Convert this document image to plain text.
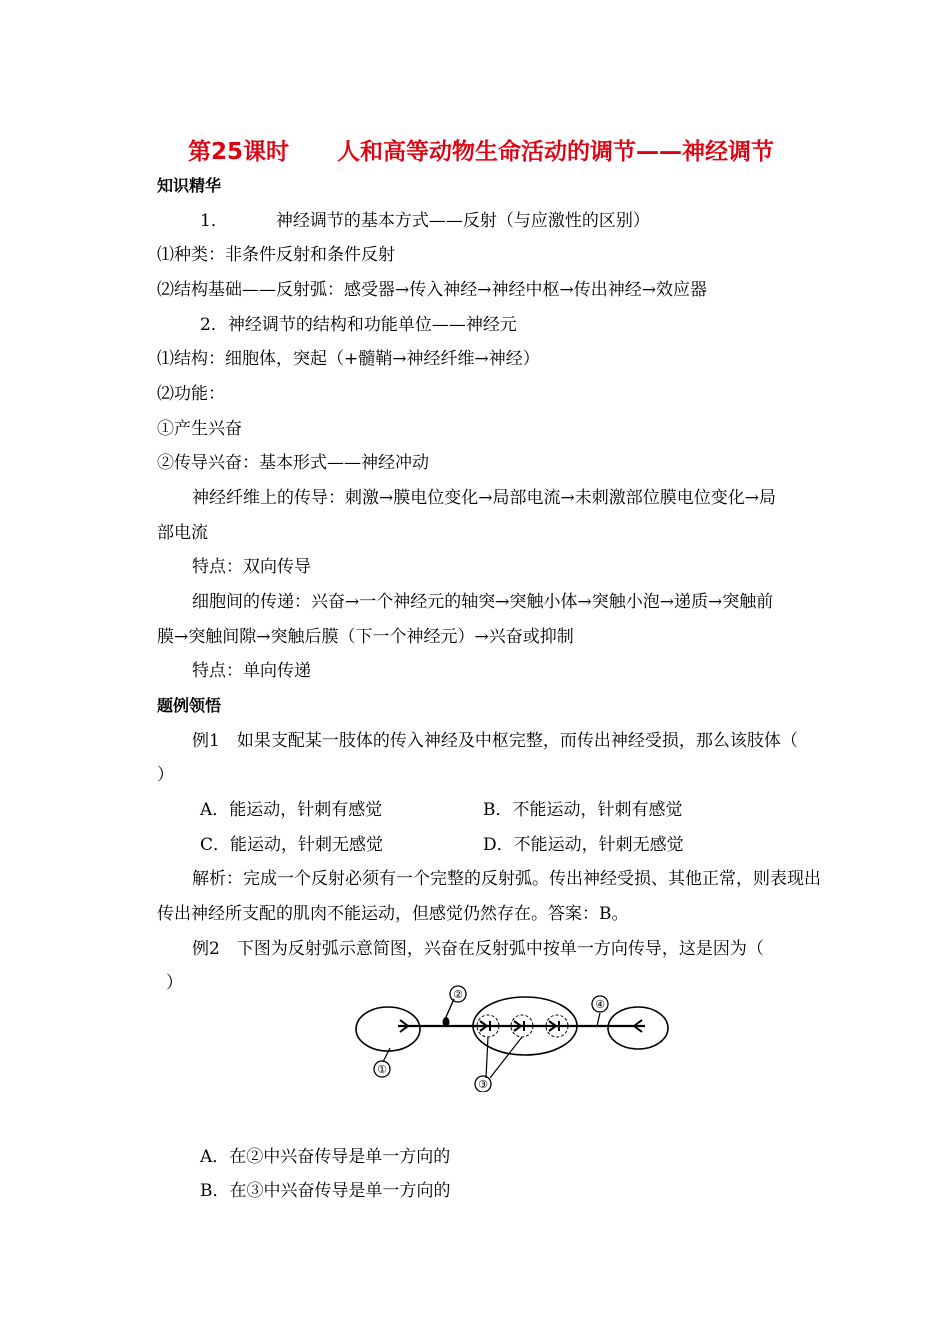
第25课时 人和高等动物生命活动的调节——神经调节
知识精华
1．	神经调节的基本方式——反射（与应激性的区别）
⑴种类：非条件反射和条件反射
⑵结构基础——反射弧：感受器→传入神经→神经中枢→传出神经→效应器
2．神经调节的结构和功能单位——神经元
⑴结构：细胞体，突起（+髓鞘→神经纤维→神经）
⑵功能：
①产生兴奋
②传导兴奋：基本形式——神经冲动
神经纤维上的传导：刺激→膜电位变化→局部电流→未刺激部位膜电位变化→局
部电流
特点：双向传导
细胞间的传递：兴奋→一个神经元的轴突→突触小体→突触小泡→递质→突触前
膜→突触间隙→突触后膜（下一个神经元）→兴奋或抑制
特点：单向传递
题例领悟
例1　如果支配某一肢体的传入神经及中枢完整，而传出神经受损，那么该肢体（
）
A．能运动，针刺有感觉	B．不能运动，针刺有感觉
C．能运动，针刺无感觉	D．不能运动，针刺无感觉
解析：完成一个反射必须有一个完整的反射弧。传出神经受损、其他正常，则表现出
传出神经所支配的肌肉不能运动，但感觉仍然存在。答案：B。
例2　下图为反射弧示意简图，兴奋在反射弧中按单一方向传导，这是因为（
）
①
②
③
④
A．在②中兴奋传导是单一方向的
B．在③中兴奋传导是单一方向的
